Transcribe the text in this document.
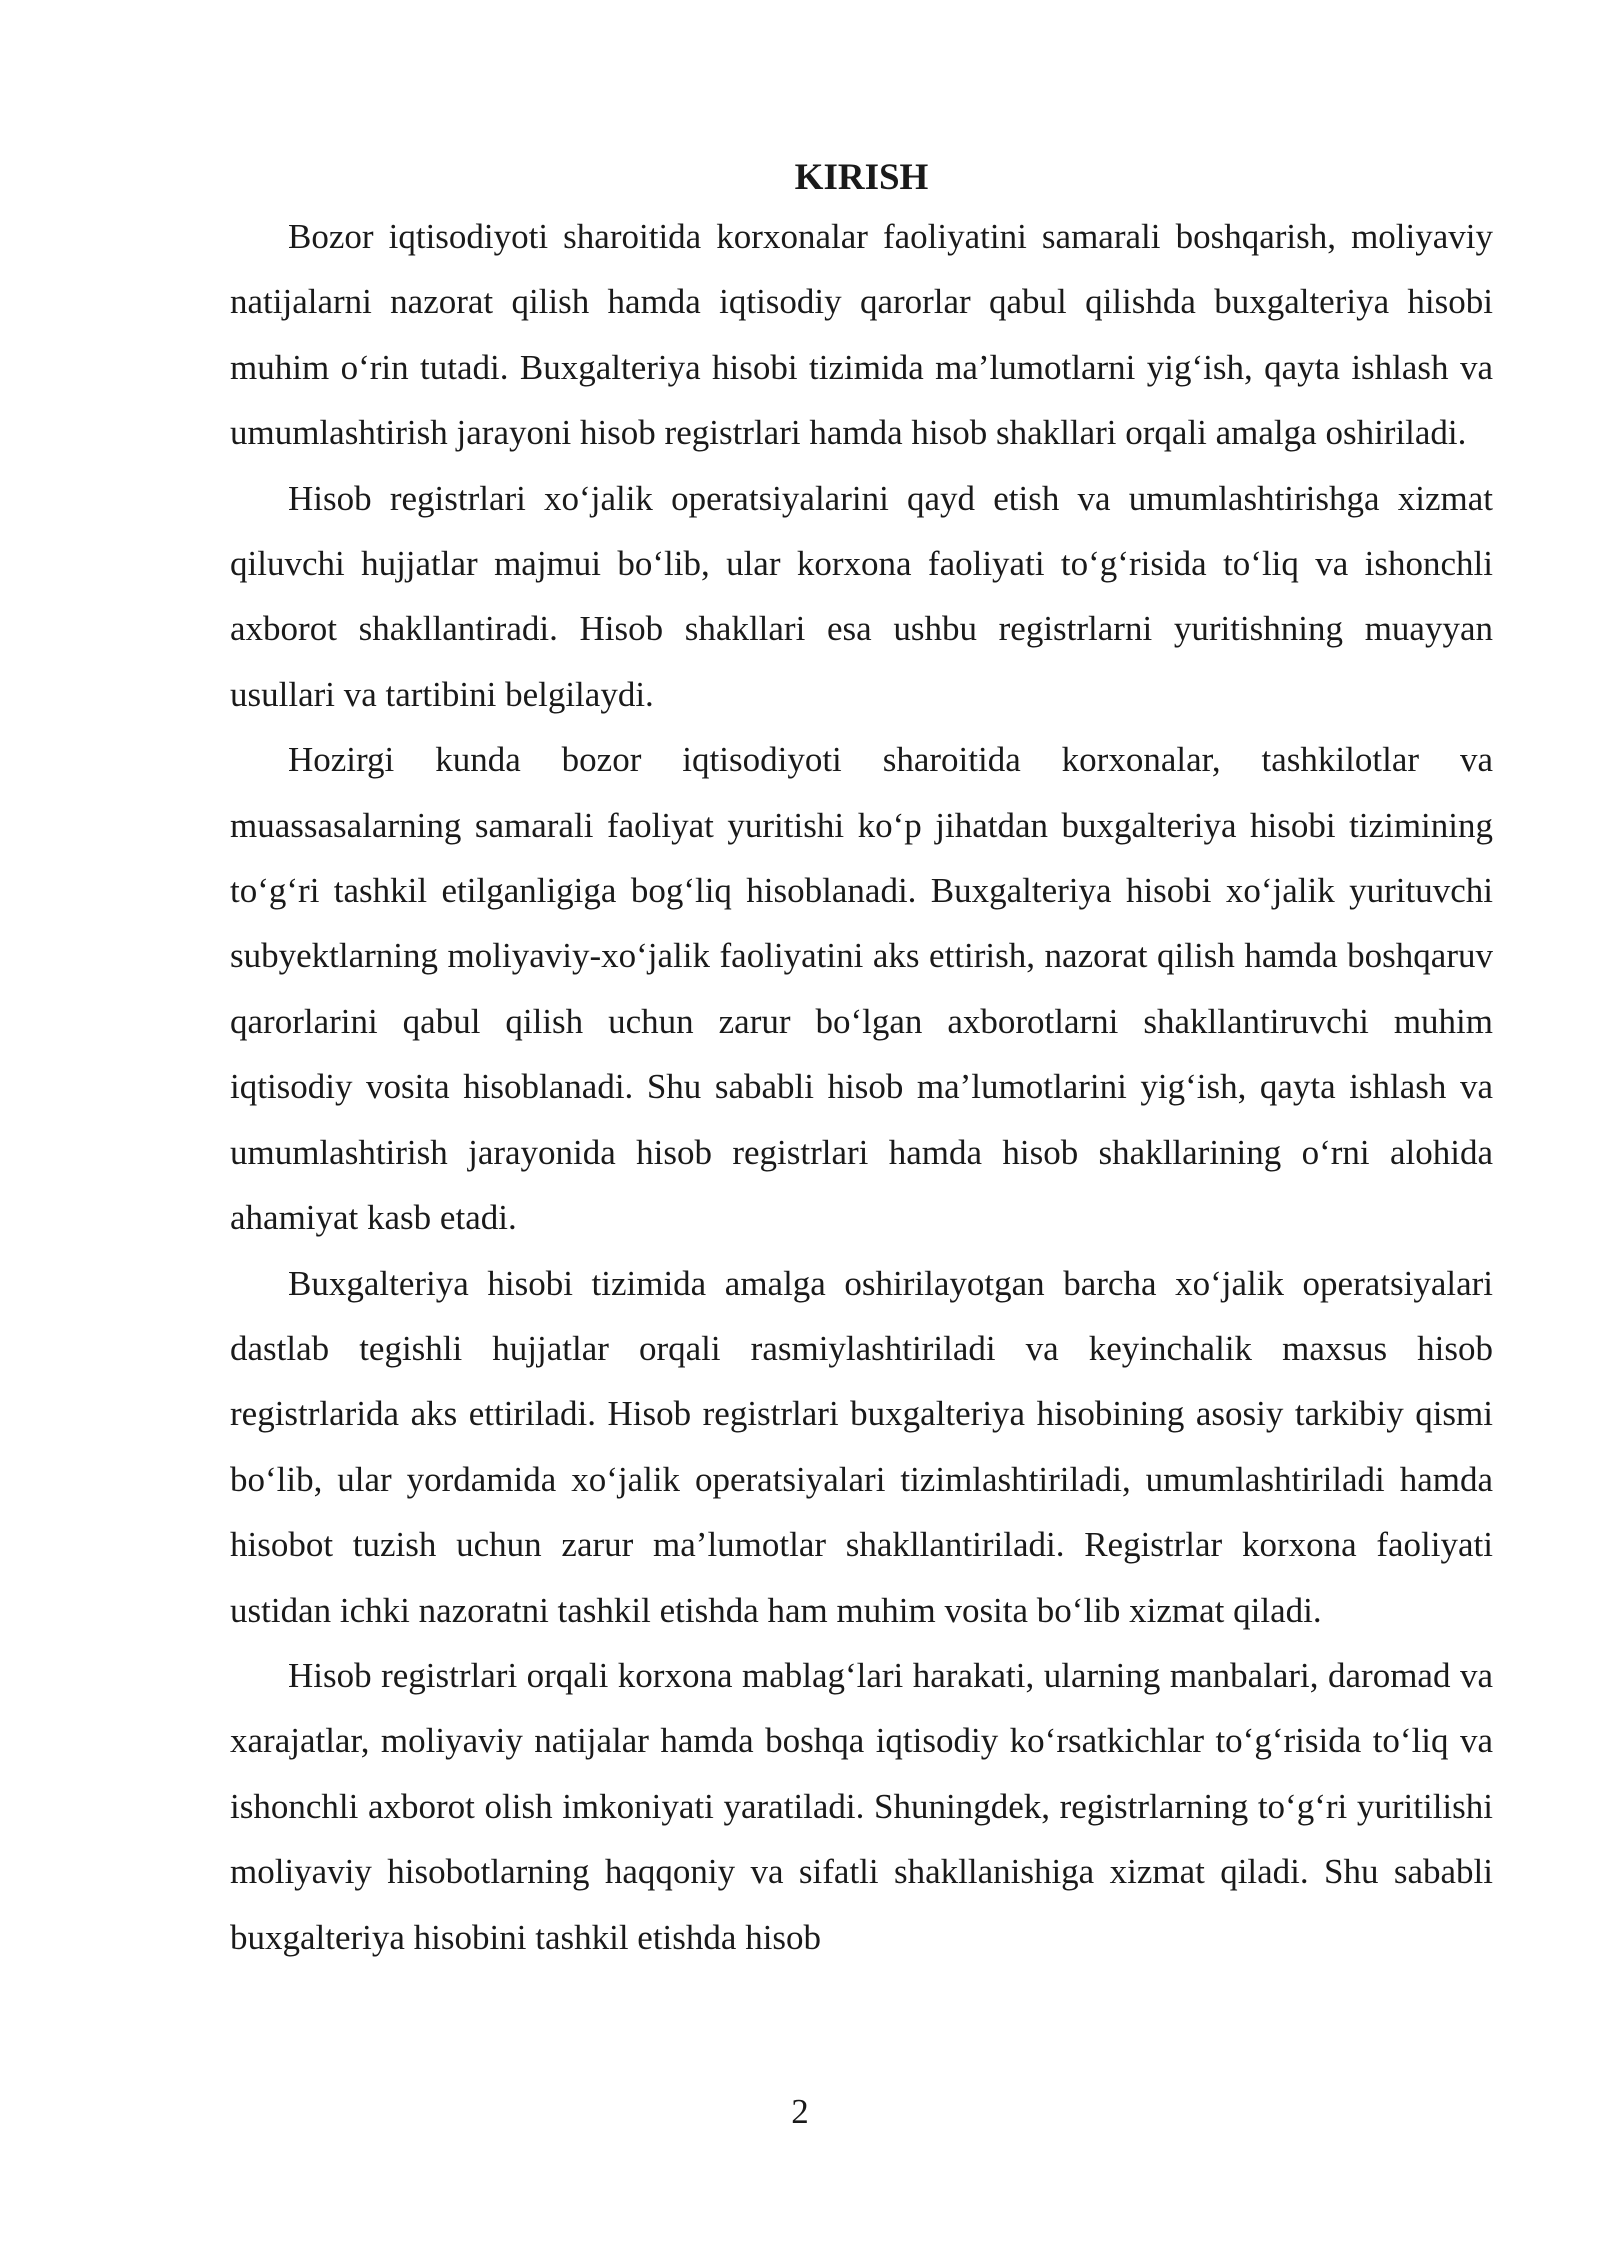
KIRISH

Bozor iqtisodiyoti sharoitida korxonalar faoliyatini samarali boshqarish, moliyaviy natijalarni nazorat qilish hamda iqtisodiy qarorlar qabul qilishda buxgalteriya hisobi muhim o‘rin tutadi. Buxgalteriya hisobi tizimida ma’lumotlarni yig‘ish, qayta ishlash va umumlashtirish jarayoni hisob registrlari hamda hisob shakllari orqali amalga oshiriladi.

Hisob registrlari xo‘jalik operatsiyalarini qayd etish va umumlashtirishga xizmat qiluvchi hujjatlar majmui bo‘lib, ular korxona faoliyati to‘g‘risida to‘liq va ishonchli axborot shakllantiradi. Hisob shakllari esa ushbu registrlarni yuritishning muayyan usullari va tartibini belgilaydi.

Hozirgi kunda bozor iqtisodiyoti sharoitida korxonalar, tashkilotlar va muassasalarning samarali faoliyat yuritishi ko‘p jihatdan buxgalteriya hisobi tizimining to‘g‘ri tashkil etilganligiga bog‘liq hisoblanadi. Buxgalteriya hisobi xo‘jalik yurituvchi subyektlarning moliyaviy-xo‘jalik faoliyatini aks ettirish, nazorat qilish hamda boshqaruv qarorlarini qabul qilish uchun zarur bo‘lgan axborotlarni shakllantiruvchi muhim iqtisodiy vosita hisoblanadi. Shu sababli hisob ma’lumotlarini yig‘ish, qayta ishlash va umumlashtirish jarayonida hisob registrlari hamda hisob shakllarining o‘rni alohida ahamiyat kasb etadi.

Buxgalteriya hisobi tizimida amalga oshirilayotgan barcha xo‘jalik operatsiyalari dastlab tegishli hujjatlar orqali rasmiylashtiriladi va keyinchalik maxsus hisob registrlarida aks ettiriladi. Hisob registrlari buxgalteriya hisobining asosiy tarkibiy qismi bo‘lib, ular yordamida xo‘jalik operatsiyalari tizimlashtiriladi, umumlashtiriladi hamda hisobot tuzish uchun zarur ma’lumotlar shakllantiriladi. Registrlar korxona faoliyati ustidan ichki nazoratni tashkil etishda ham muhim vosita bo‘lib xizmat qiladi.

Hisob registrlari orqali korxona mablag‘lari harakati, ularning manbalari, daromad va xarajatlar, moliyaviy natijalar hamda boshqa iqtisodiy ko‘rsatkichlar to‘g‘risida to‘liq va ishonchli axborot olish imkoniyati yaratiladi. Shuningdek, registrlarning to‘g‘ri yuritilishi moliyaviy hisobotlarning haqqoniy va sifatli shakllanishiga xizmat qiladi. Shu sababli buxgalteriya hisobini tashkil etishda hisob

2
